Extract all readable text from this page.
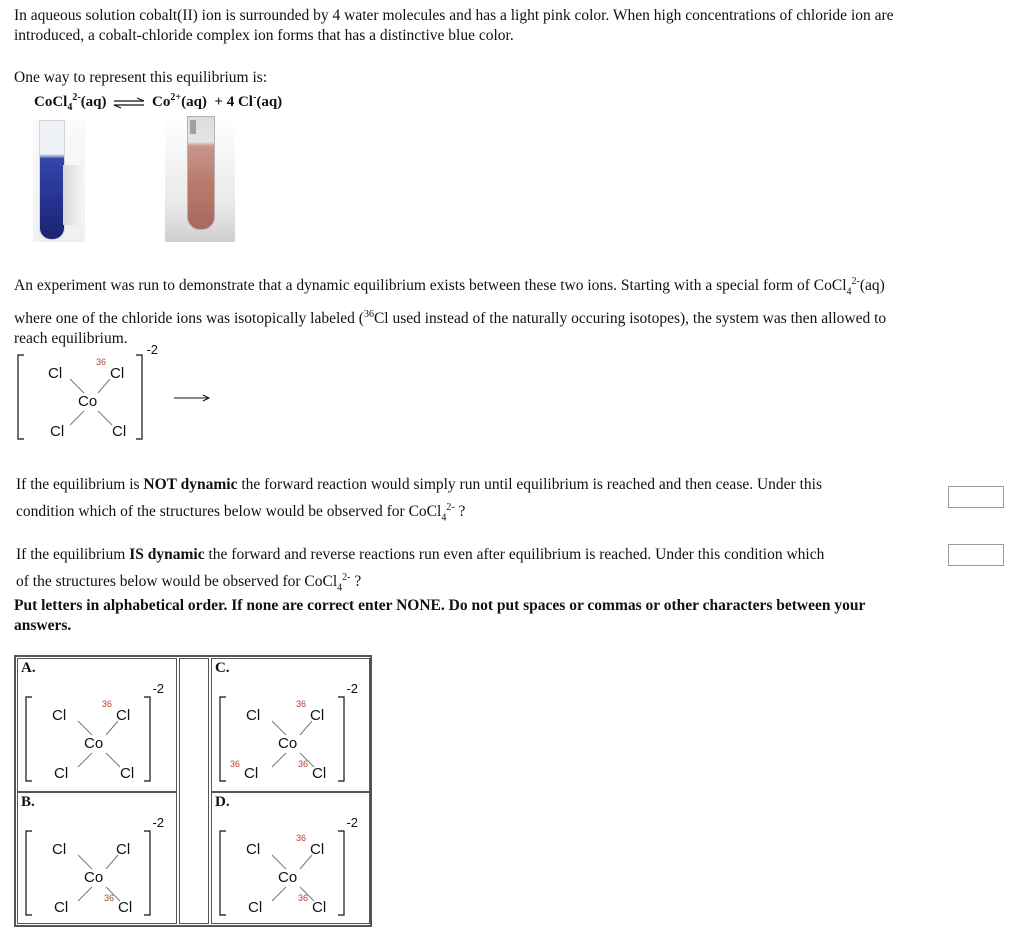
In aqueous solution cobalt(II) ion is surrounded by 4 water molecules and has a light pink color. When high concentrations of chloride ion are

introduced, a cobalt-chloride complex ion forms that has a distinctive blue color.

One way to represent this equilibrium is:

CoCl$_4^{2-}$(aq) ⇌ $Co^{2+}(aq) + 4$ Cl-(aq)

An experiment was run to demonstrate that a dynamic equilibrium exists between these two ions. Starting with a special form of CoCl$_4^{2-}$(aq)

where one of the chloride ions was isotopically labeled ($^{36}$Cl used instead of the naturally occuring isotopes), the system was then allowed to

reach equilibrium.

Cl
36
Cl
Co
Cl	Cl
-2

If the equilibrium is NOT dynamic the forward reaction would simply run until equilibrium is reached and then cease. Under this

condition which of the structures below would be observed for CoCl$_4^{2-}$ ?

If the equilibrium IS dynamic the forward and reverse reactions run even after equilibrium is reached. Under this condition which

of the structures below would be observed for CoCl$_4^{2-}$ ?

Put letters in alphabetical order. If none are correct enter NONE. Do not put spaces or commas or other characters between your

answers.

A.
Cl
36
Cl
Co
Cl	Cl
-2
C.
Cl
36
Cl
Co
36
Cl
36
Cl
-2
B.
Cl	Cl
Co
Cl
36
Cl
-2
D.
Cl
36
Cl
Co
Cl
36
Cl
-2
